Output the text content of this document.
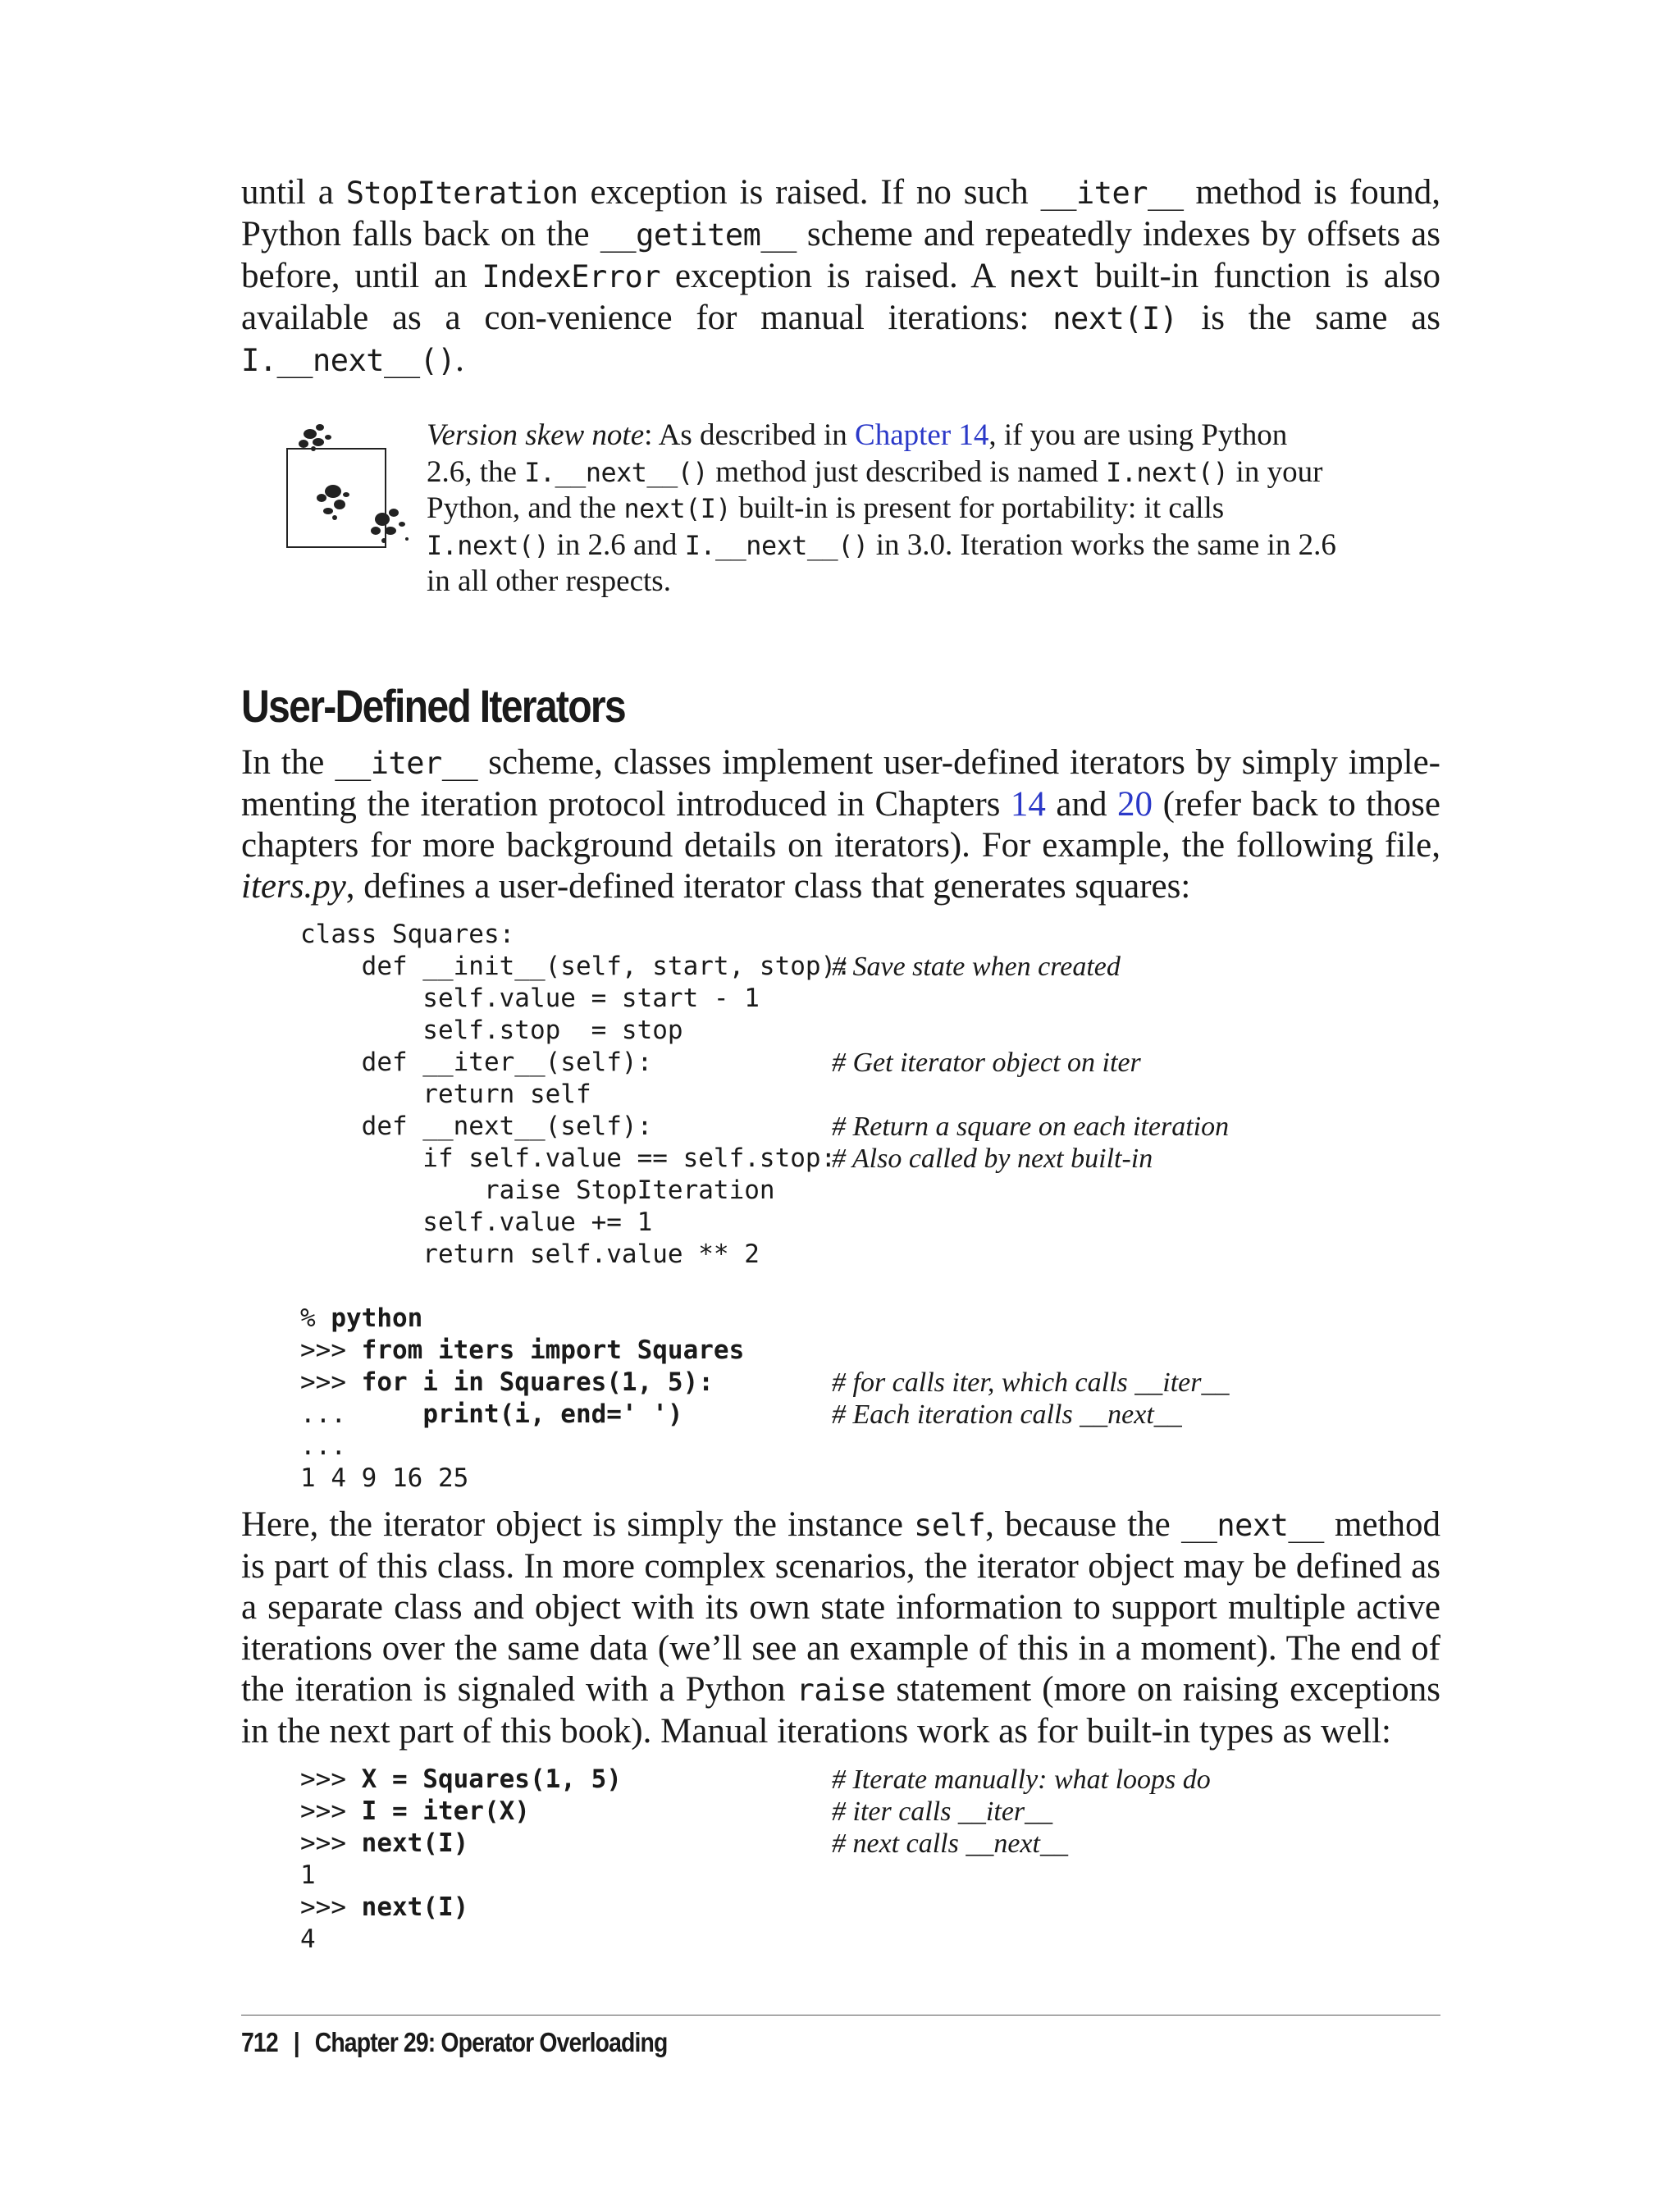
until a StopIteration exception is raised. If no such __iter__ method is found, Python falls back on the __getitem__ scheme and repeatedly indexes by offsets as before, until an IndexError exception is raised. A next built-in function is also available as a con-venience for manual iterations: next(I) is the same as I.__next__().

Version skew note: As described in Chapter 14, if you are using Python
2.6, the I.__next__() method just described is named I.next() in your
Python, and the next(I) built-in is present for portability: it calls
I.next() in 2.6 and I.__next__() in 3.0. Iteration works the same in 2.6
in all other respects.
User-Defined Iterators

In the __iter__ scheme, classes implement user-defined iterators by simply imple-menting the iteration protocol introduced in Chapters 14 and 20 (refer back to those chapters for more background details on iterators). For example, the following file, iters.py, defines a user-defined iterator class that generates squares:

class Squares:
def __init__(self, start, stop):
# Save state when created
self.value = start - 1
self.stop  = stop
def __iter__(self):	# Get iterator object on iter
return self
def __next__(self):	# Return a square on each iteration
if self.value == self.stop:
# Also called by next built-in
raise StopIteration
self.value += 1
return self.value ** 2
% python
>>> from iters import Squares
>>> for i in Squares(1, 5):	# for calls iter, which calls __iter__
...     print(i, end=' ')	# Each iteration calls __next__
...
1 4 9 16 25

Here, the iterator object is simply the instance self, because the __next__ method is part of this class. In more complex scenarios, the iterator object may be defined as a separate class and object with its own state information to support multiple active iterations over the same data (we’ll see an example of this in a moment). The end of the iteration is signaled with a Python raise statement (more on raising exceptions in the next part of this book). Manual iterations work as for built-in types as well:

>>> X = Squares(1, 5)	# Iterate manually: what loops do
>>> I = iter(X)	# iter calls __iter__
>>> next(I)	# next calls __next__
1
>>> next(I)
4
712 | Chapter 29: Operator Overloading
